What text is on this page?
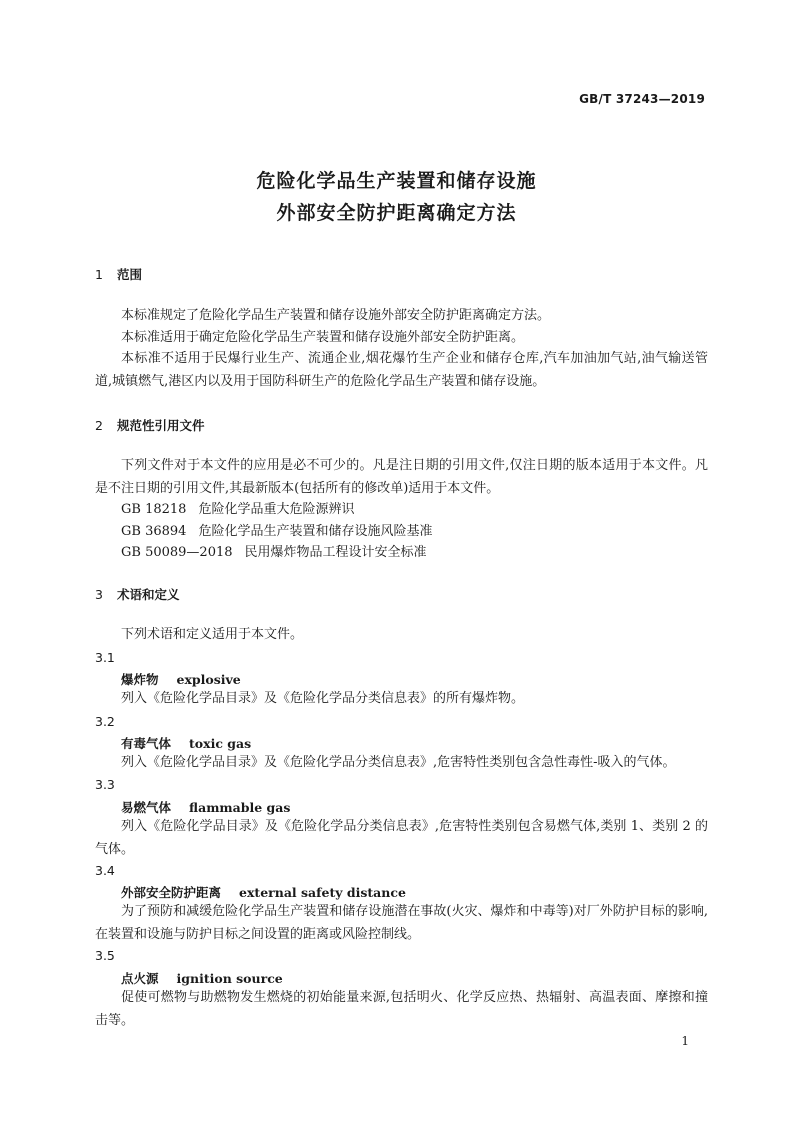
GB/T 37243—2019
危险化学品生产装置和储存设施
外部安全防护距离确定方法
1 范围
本标准规定了危险化学品生产装置和储存设施外部安全防护距离确定方法。
本标准适用于确定危险化学品生产装置和储存设施外部安全防护距离。

本标准不适用于民爆行业生产、流通企业,烟花爆竹生产企业和储存仓库,汽车加油加气站,油气输送管道,城镇燃气,港区内以及用于国防科研生产的危险化学品生产装置和储存设施。

2 规范性引用文件

下列文件对于本文件的应用是必不可少的。凡是注日期的引用文件,仅注日期的版本适用于本文件。凡是不注日期的引用文件,其最新版本(包括所有的修改单)适用于本文件。

GB 18218 危险化学品重大危险源辨识
GB 36894 危险化学品生产装置和储存设施风险基准
GB 50089—2018 民用爆炸物品工程设计安全标准
3 术语和定义
下列术语和定义适用于本文件。
3.1
爆炸物 explosive
列入《危险化学品目录》及《危险化学品分类信息表》的所有爆炸物。
3.2
有毒气体 toxic gas
列入《危险化学品目录》及《危险化学品分类信息表》,危害特性类别包含急性毒性-吸入的气体。
3.3
易燃气体 flammable gas

列入《危险化学品目录》及《危险化学品分类信息表》,危害特性类别包含易燃气体,类别 1、类别 2 的气体。

3.4
外部安全防护距离 external safety distance

为了预防和减缓危险化学品生产装置和储存设施潜在事故(火灾、爆炸和中毒等)对厂外防护目标的影响,在装置和设施与防护目标之间设置的距离或风险控制线。

3.5
点火源 ignition source

促使可燃物与助燃物发生燃烧的初始能量来源,包括明火、化学反应热、热辐射、高温表面、摩擦和撞击等。

1
